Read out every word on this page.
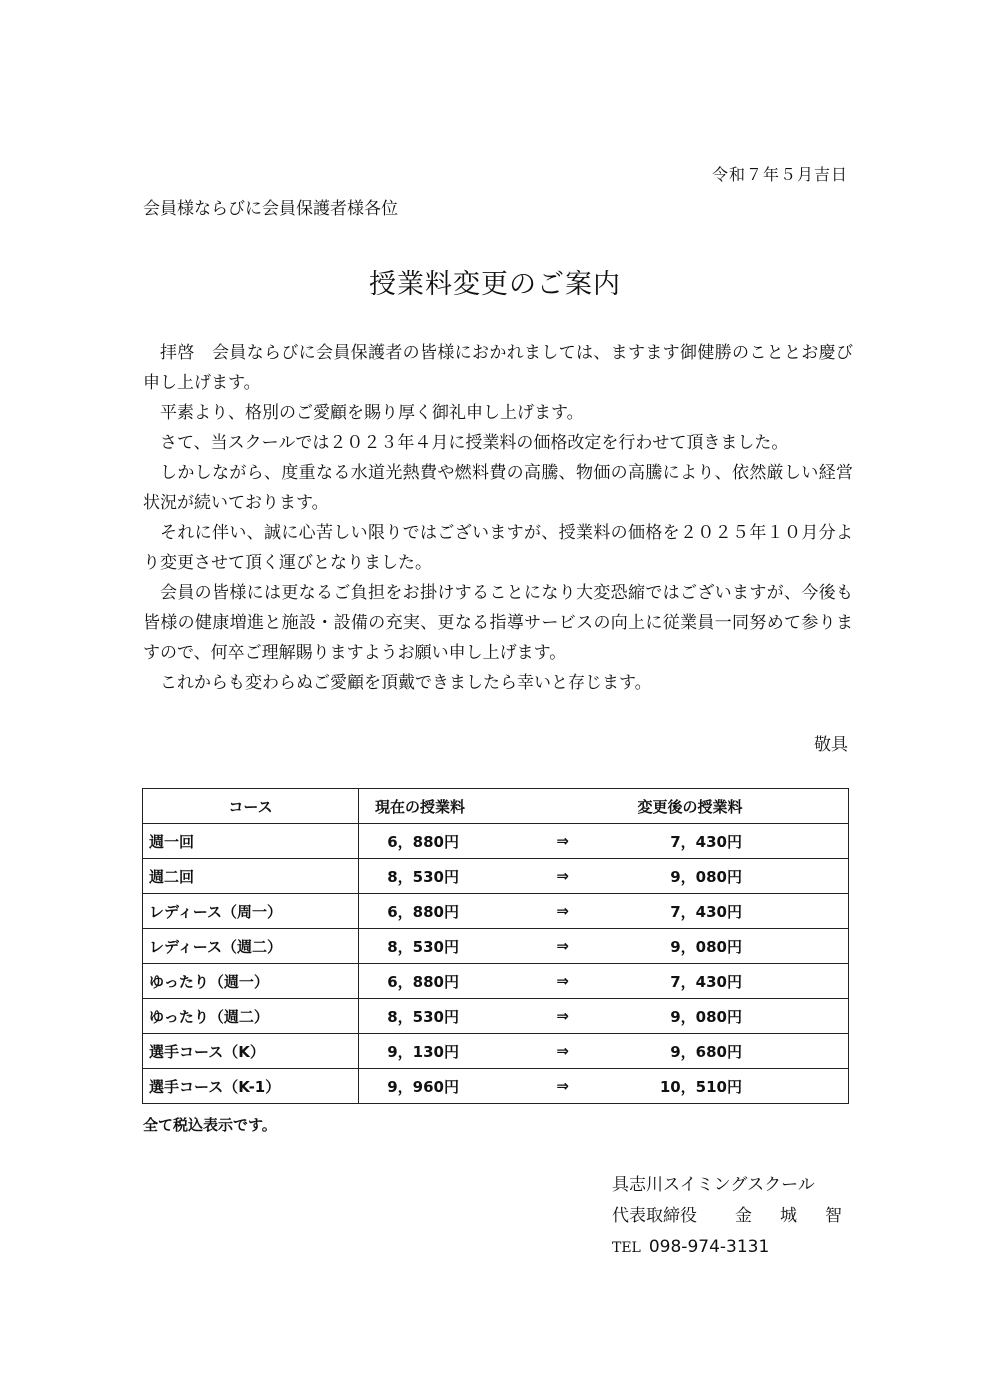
令和７年５月吉日
会員様ならびに会員保護者様各位
授業料変更のご案内

拝啓　会員ならびに会員保護者の皆様におかれましては、ますます御健勝のこととお慶び申し上げます。

平素より、格別のご愛顧を賜り厚く御礼申し上げます。

さて、当スクールでは２０２３年４月に授業料の価格改定を行わせて頂きました。

しかしながら、度重なる水道光熱費や燃料費の高騰、物価の高騰により、依然厳しい経営状況が続いております。

それに伴い、誠に心苦しい限りではございますが、授業料の価格を２０２５年１０月分より変更させて頂く運びとなりました。

会員の皆様には更なるご負担をお掛けすることになり大変恐縮ではございますが、今後も皆様の健康増進と施設・設備の充実、更なる指導サービスの向上に従業員一同努めて参りますので、何卒ご理解賜りますようお願い申し上げます。

これからも変わらぬご愛顧を頂戴できましたら幸いと存じます。

敬具
コース	現在の授業料 変更後の授業料

週一回	6，880円 ⇒ 7，430円

週二回	8，530円 ⇒ 9，080円

レディース（周一）	6，880円 ⇒ 7，430円

レディース（週二）	8，530円 ⇒ 9，080円

ゆったり（週一）	6，880円 ⇒ 7，430円

ゆったり（週二）	8，530円 ⇒ 9，080円

選手コース（K）	9，130円 ⇒ 9，680円

選手コース（K-1）	9，960円 ⇒ 10，510円
全て税込表示です。
具志川スイミングスクール
代表取締役 金城智
TEL 098-974-3131
